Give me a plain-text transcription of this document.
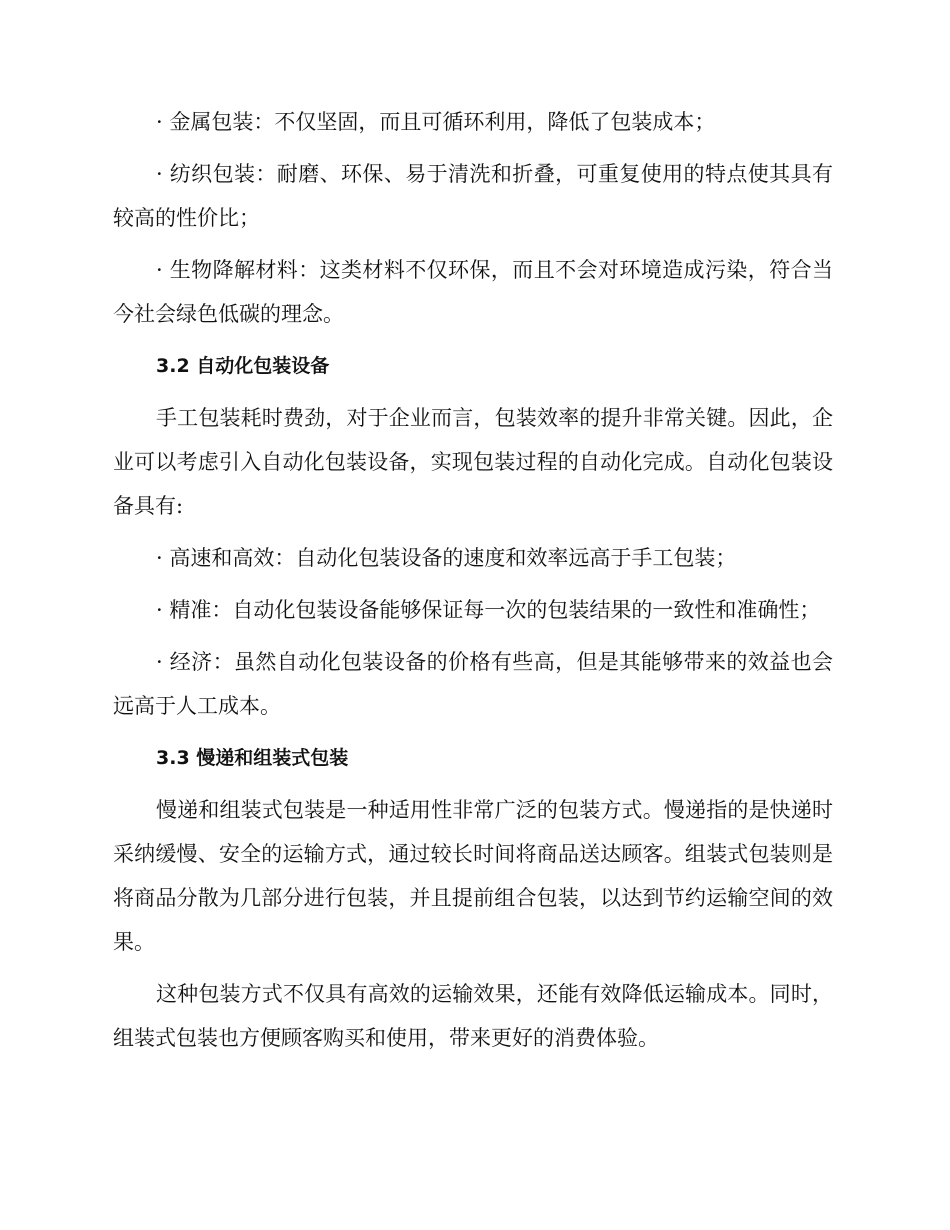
· 金属包装：不仅坚固，而且可循环利用，降低了包装成本；

· 纺织包装：耐磨、环保、易于清洗和折叠，可重复使用的特点使其具有较高的性价比；

· 生物降解材料：这类材料不仅环保，而且不会对环境造成污染，符合当今社会绿色低碳的理念。

3.2 自动化包装设备

手工包装耗时费劲，对于企业而言，包装效率的提升非常关键。因此，企业可以考虑引入自动化包装设备，实现包装过程的自动化完成。自动化包装设备具有:

· 高速和高效：自动化包装设备的速度和效率远高于手工包装；

· 精准：自动化包装设备能够保证每一次的包装结果的一致性和准确性；

· 经济：虽然自动化包装设备的价格有些高，但是其能够带来的效益也会远高于人工成本。

3.3 慢递和组装式包装

慢递和组装式包装是一种适用性非常广泛的包装方式。慢递指的是快递时采纳缓慢、安全的运输方式，通过较长时间将商品送达顾客。组装式包装则是将商品分散为几部分进行包装，并且提前组合包装，以达到节约运输空间的效果。

这种包装方式不仅具有高效的运输效果，还能有效降低运输成本。同时，组装式包装也方便顾客购买和使用，带来更好的消费体验。
